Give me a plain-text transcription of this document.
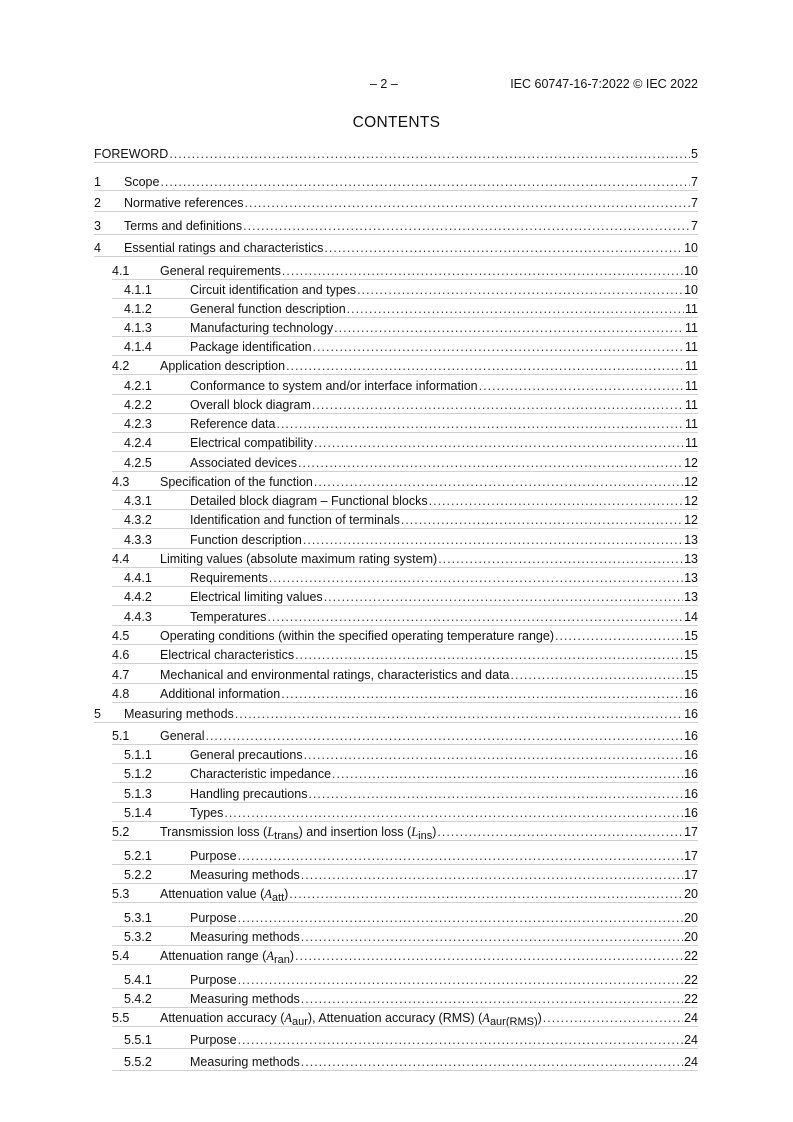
– 2 –	IEC 60747-16-7:2022 © IEC 2022
CONTENTS
FOREWORD .....	5
1 Scope .....	7
2 Normative references .....	7
3 Terms and definitions .....	7
4 Essential ratings and characteristics .....	10
4.1 General requirements .....	10
4.1.1	Circuit identification and types .....	10
4.1.2	General function description .....	11
4.1.3	Manufacturing technology .....	11
4.1.4	Package identification .....	11
4.2 Application description .....	11
4.2.1	Conformance to system and/or interface information .....	11
4.2.2	Overall block diagram .....	11
4.2.3	Reference data .....	11
4.2.4	Electrical compatibility .....	11
4.2.5	Associated devices .....	12
4.3 Specification of the function .....	12
4.3.1	Detailed block diagram – Functional blocks .....	12
4.3.2	Identification and function of terminals .....	12
4.3.3	Function description .....	13
4.4 Limiting values (absolute maximum rating system) .....	13
4.4.1	Requirements .....	13
4.4.2	Electrical limiting values .....	13
4.4.3	Temperatures .....	14
4.5 Operating conditions (within the specified operating temperature range) .....	15
4.6 Electrical characteristics .....	15
4.7 Mechanical and environmental ratings, characteristics and data .....	15
4.8 Additional information .....	16
5 Measuring methods .....	16
5.1 General .....	16
5.1.1	General precautions .....	16
5.1.2	Characteristic impedance .....	16
5.1.3	Handling precautions .....	16
5.1.4	Types .....	16
5.2 Transmission loss $(L_{trans})$ and insertion loss $(L_{ins})$ .....	17
5.2.1	Purpose .....	17
5.2.2	Measuring methods .....	17
5.3 Attenuation value $(A_{att})$ .....	20
5.3.1	Purpose .....	20
5.3.2	Measuring methods .....	20
5.4 Attenuation range $(A_{ran})$ .....	22
5.4.1	Purpose .....	22
5.4.2	Measuring methods .....	22
5.5 Attenuation accuracy $(A_{aur})$, Attenuation accuracy (RMS) $(A_{aur(RMS)})$ .....	24
5.5.1	Purpose .....	24
5.5.2	Measuring methods .....	24
